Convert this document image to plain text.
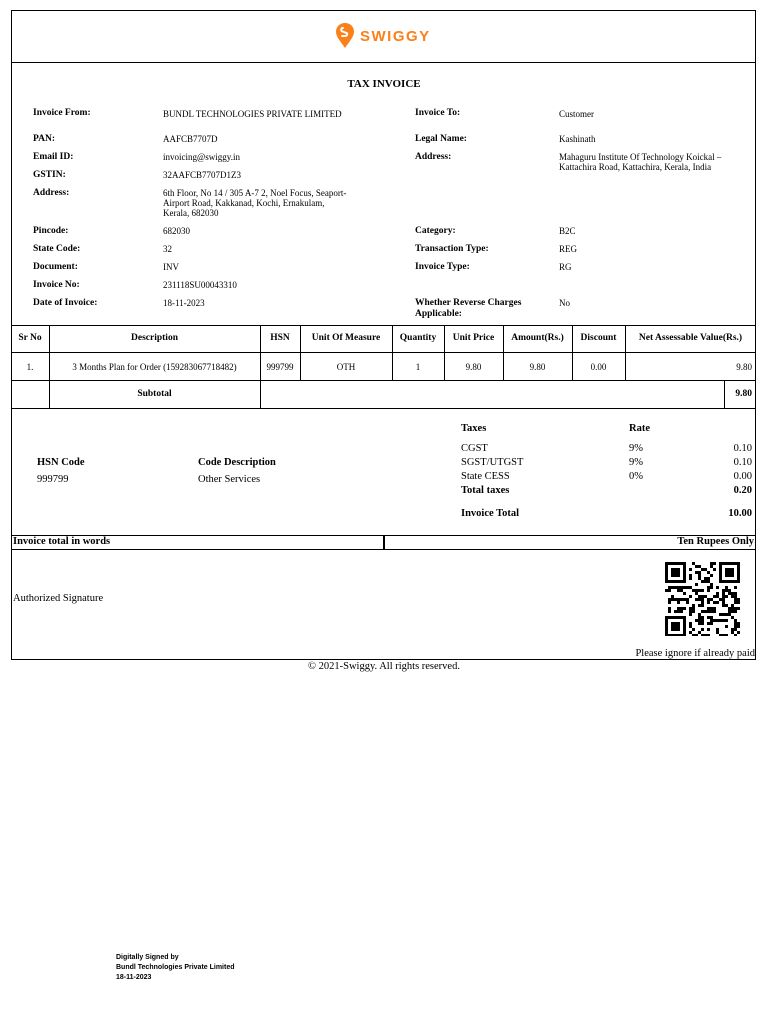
SWIGGY
TAX INVOICE
Invoice From:	BUNDL TECHNOLOGIES PRIVATE LIMITED
PAN:	AAFCB7707D
Email ID:	invoicing@swiggy.in
GSTIN:	32AAFCB7707D1Z3
Address:	6th Floor, No 14 / 305 A-7 2, Noel Focus, Seaport-
Airport Road, Kakkanad, Kochi, Ernakulam,
Kerala, 682030
Pincode:	682030
State Code:	32
Document:	INV
Invoice No:	231118SU00043310
Date of Invoice:	18-11-2023
Invoice To:	Customer
Legal Name:	Kashinath
Address:	Mahaguru Institute Of Technology Koickal –
Kattachira Road, Kattachira, Kerala, India
Category:	B2C
Transaction Type:	REG
Invoice Type:	RG
Whether Reverse Charges
Applicable:
No
Sr No	Description	HSN	Unit Of Measure	Quantity	Unit Price	Amount(Rs.)	Discount	Net Assessable Value(Rs.)
1.	3 Months Plan for Order (159283067718482)	999799	OTH	1	9.80	9.80	0.00	9.80
Subtotal	9.80
HSN Code	Code Description
999799	Other Services
Taxes	Rate
CGST	9%	0.10
SGST/UTGST	9%	0.10
State CESS	0%	0.00
Total taxes	0.20
Invoice Total	10.00
Invoice total in words	Ten Rupees Only
Authorized Signature
Please ignore if already paid
© 2021-Swiggy. All rights reserved.
Digitally Signed by
Bundl Technologies Private Limited
18-11-2023
